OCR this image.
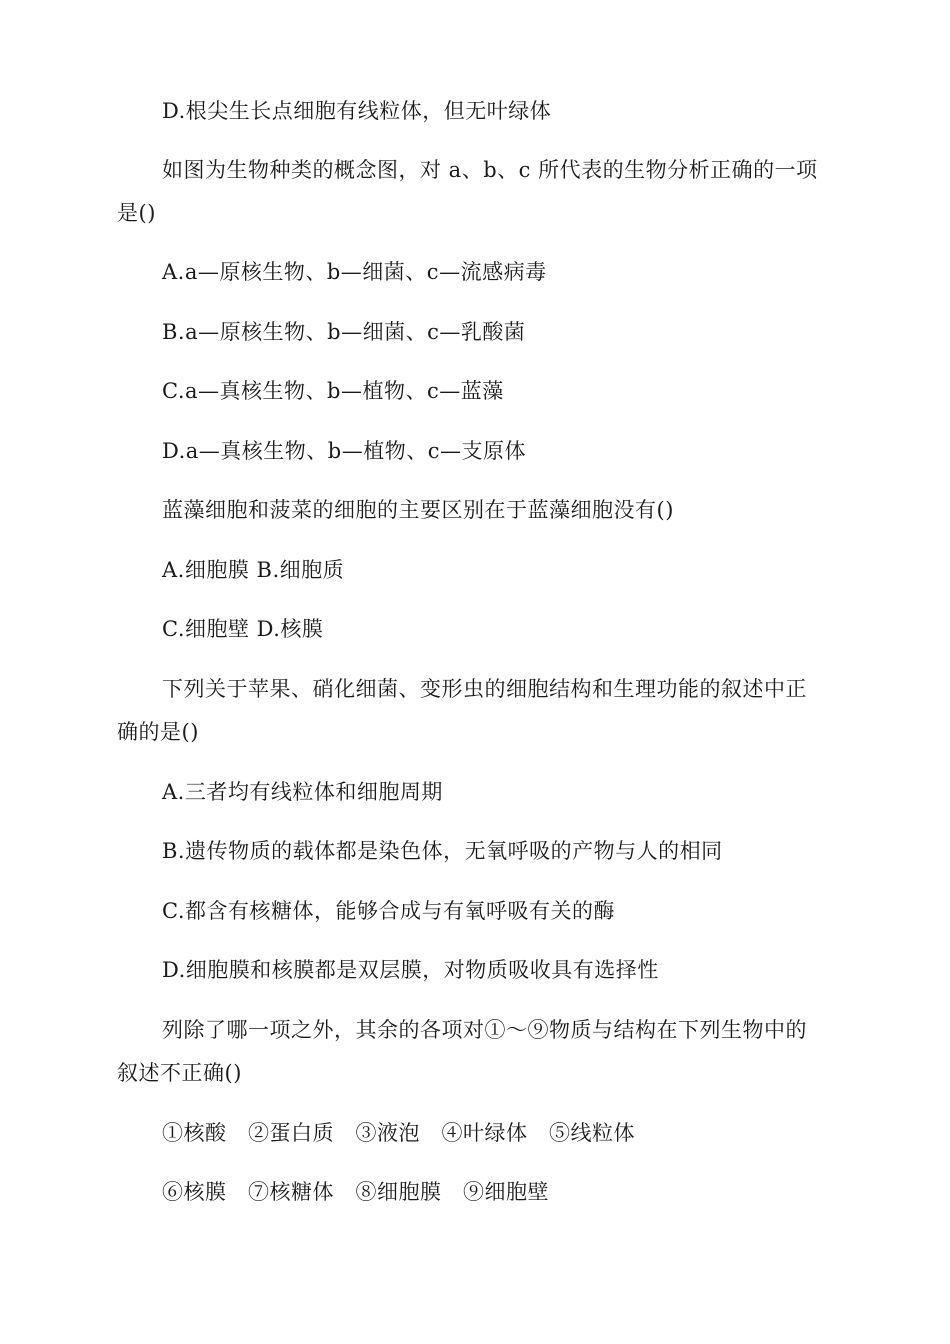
D.根尖生长点细胞有线粒体，但无叶绿体
如图为生物种类的概念图，对 a、b、c 所代表的生物分析正确的一项
是()
A.a—原核生物、b—细菌、c—流感病毒
B.a—原核生物、b—细菌、c—乳酸菌
C.a—真核生物、b—植物、c—蓝藻
D.a—真核生物、b—植物、c—支原体
蓝藻细胞和菠菜的细胞的主要区别在于蓝藻细胞没有()
A.细胞膜 B.细胞质
C.细胞壁 D.核膜
下列关于苹果、硝化细菌、变形虫的细胞结构和生理功能的叙述中正
确的是()
A.三者均有线粒体和细胞周期
B.遗传物质的载体都是染色体，无氧呼吸的产物与人的相同
C.都含有核糖体，能够合成与有氧呼吸有关的酶
D.细胞膜和核膜都是双层膜，对物质吸收具有选择性
列除了哪一项之外，其余的各项对①～⑨物质与结构在下列生物中的
叙述不正确()
①核酸　②蛋白质　③液泡　④叶绿体　⑤线粒体
⑥核膜　⑦核糖体　⑧细胞膜　⑨细胞壁
